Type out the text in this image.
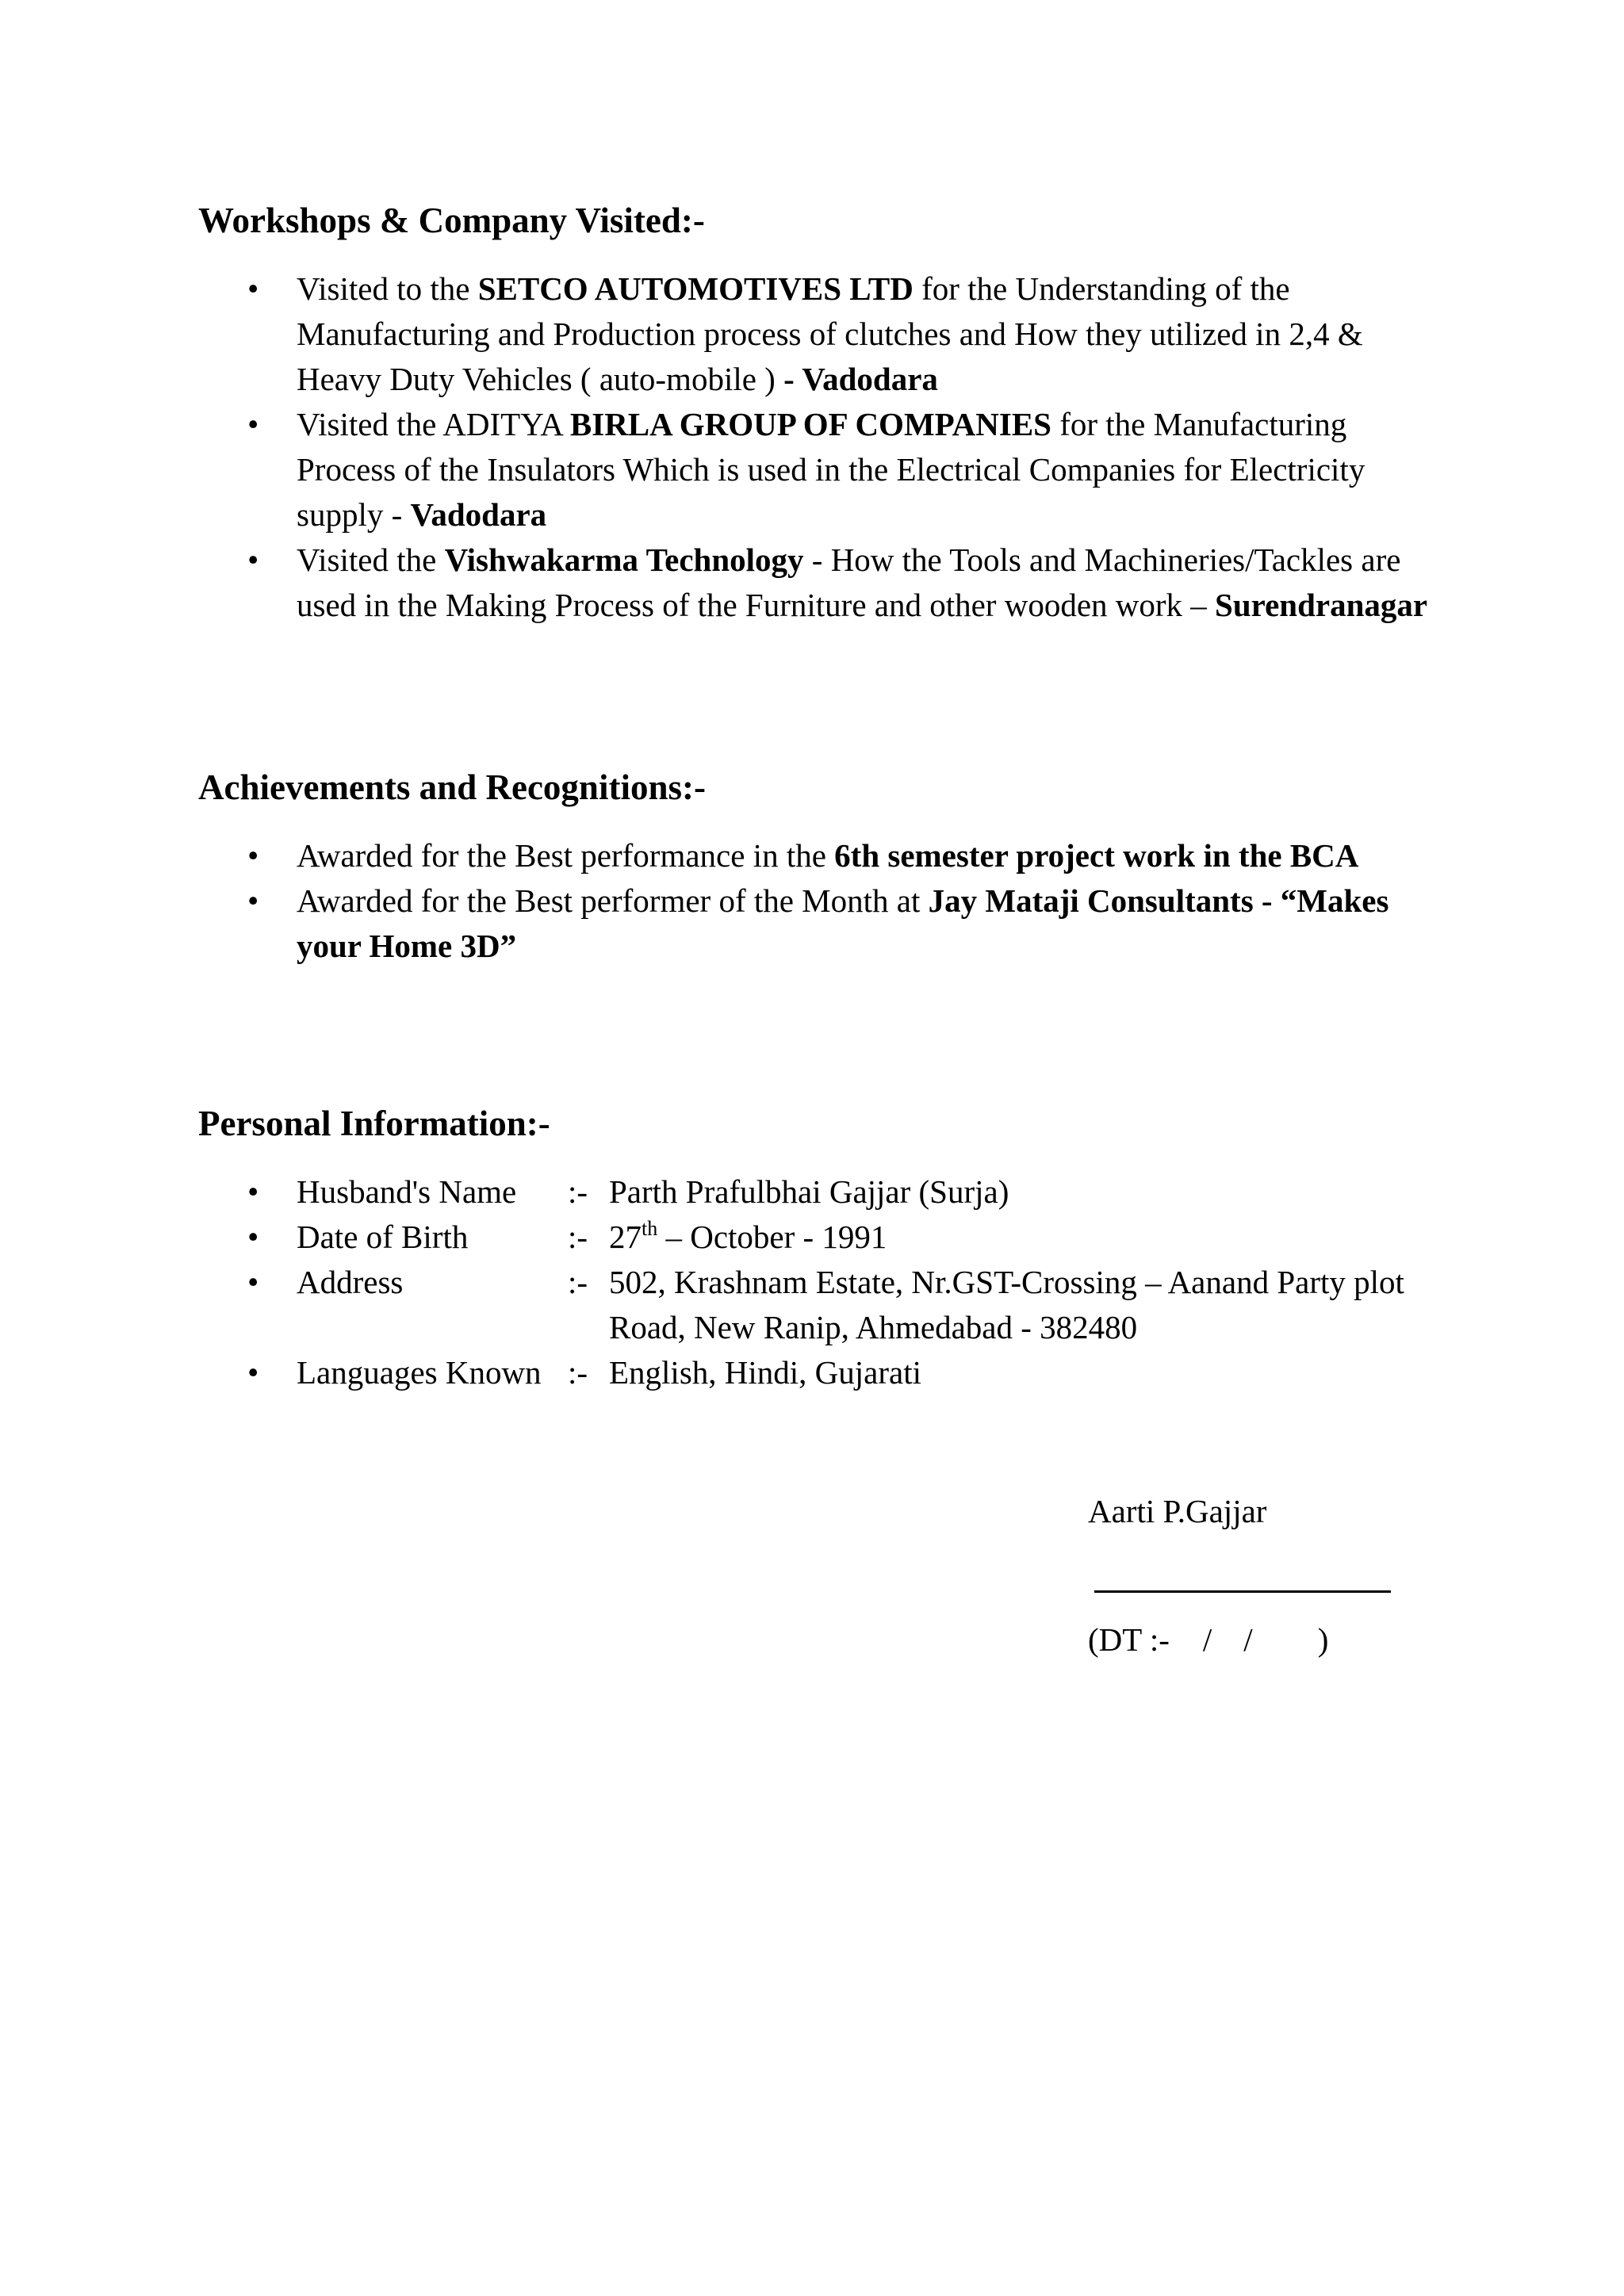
Workshops & Company Visited:-
•	Visited to the SETCO AUTOMOTIVES LTD for the Understanding of the Manufacturing and Production process of clutches and How they utilized in 2,4 & Heavy Duty Vehicles ( auto-mobile ) - Vadodara
•	Visited the ADITYA BIRLA GROUP OF COMPANIES for the Manufacturing Process of the Insulators Which is used in the Electrical Companies for Electricity supply - Vadodara
•	Visited the Vishwakarma Technology - How the Tools and Machineries/Tackles are used in the Making Process of the Furniture and other wooden work – Surendranagar
Achievements and Recognitions:-
•	Awarded for the Best performance in the 6th semester project work in the BCA
•	Awarded for the Best performer of the Month at Jay Mataji Consultants - “Makes your Home 3D”
Personal Information:-
•	Husband's Name	:- Parth Prafulbhai Gajjar (Surja)
•	Date of Birth	:- 27th – October - 1991
•	Address	:- 502, Krashnam Estate, Nr.GST-Crossing – Aanand Party plot Road, New Ranip, Ahmedabad - 382480
•	Languages Known :- English, Hindi, Gujarati
Aarti P.Gajjar
(DT :- / / )
